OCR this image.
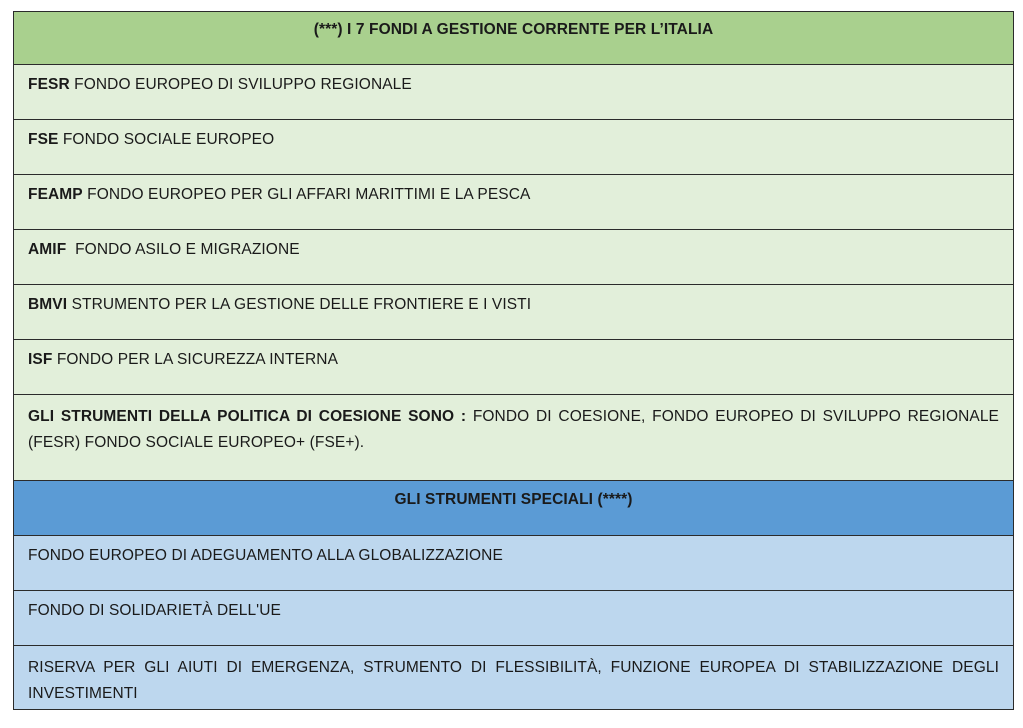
(***) I 7 FONDI A GESTIONE CORRENTE PER L’ITALIA
FESR FONDO EUROPEO DI SVILUPPO REGIONALE
FSE FONDO SOCIALE EUROPEO
FEAMP FONDO EUROPEO PER GLI AFFARI MARITTIMI E LA PESCA
AMIF  FONDO ASILO E MIGRAZIONE
BMVI STRUMENTO PER LA GESTIONE DELLE FRONTIERE E I VISTI
ISF FONDO PER LA SICUREZZA INTERNA
GLI STRUMENTI DELLA POLITICA DI COESIONE SONO : FONDO DI COESIONE, FONDO EUROPEO DI SVILUPPO REGIONALE (FESR) FONDO SOCIALE EUROPEO+ (FSE+).
GLI STRUMENTI SPECIALI (****)
FONDO EUROPEO DI ADEGUAMENTO ALLA GLOBALIZZAZIONE
FONDO DI SOLIDARIETÀ DELL'UE
RISERVA PER GLI AIUTI DI EMERGENZA, STRUMENTO DI FLESSIBILITÀ, FUNZIONE EUROPEA DI STABILIZZAZIONE DEGLI INVESTIMENTI
